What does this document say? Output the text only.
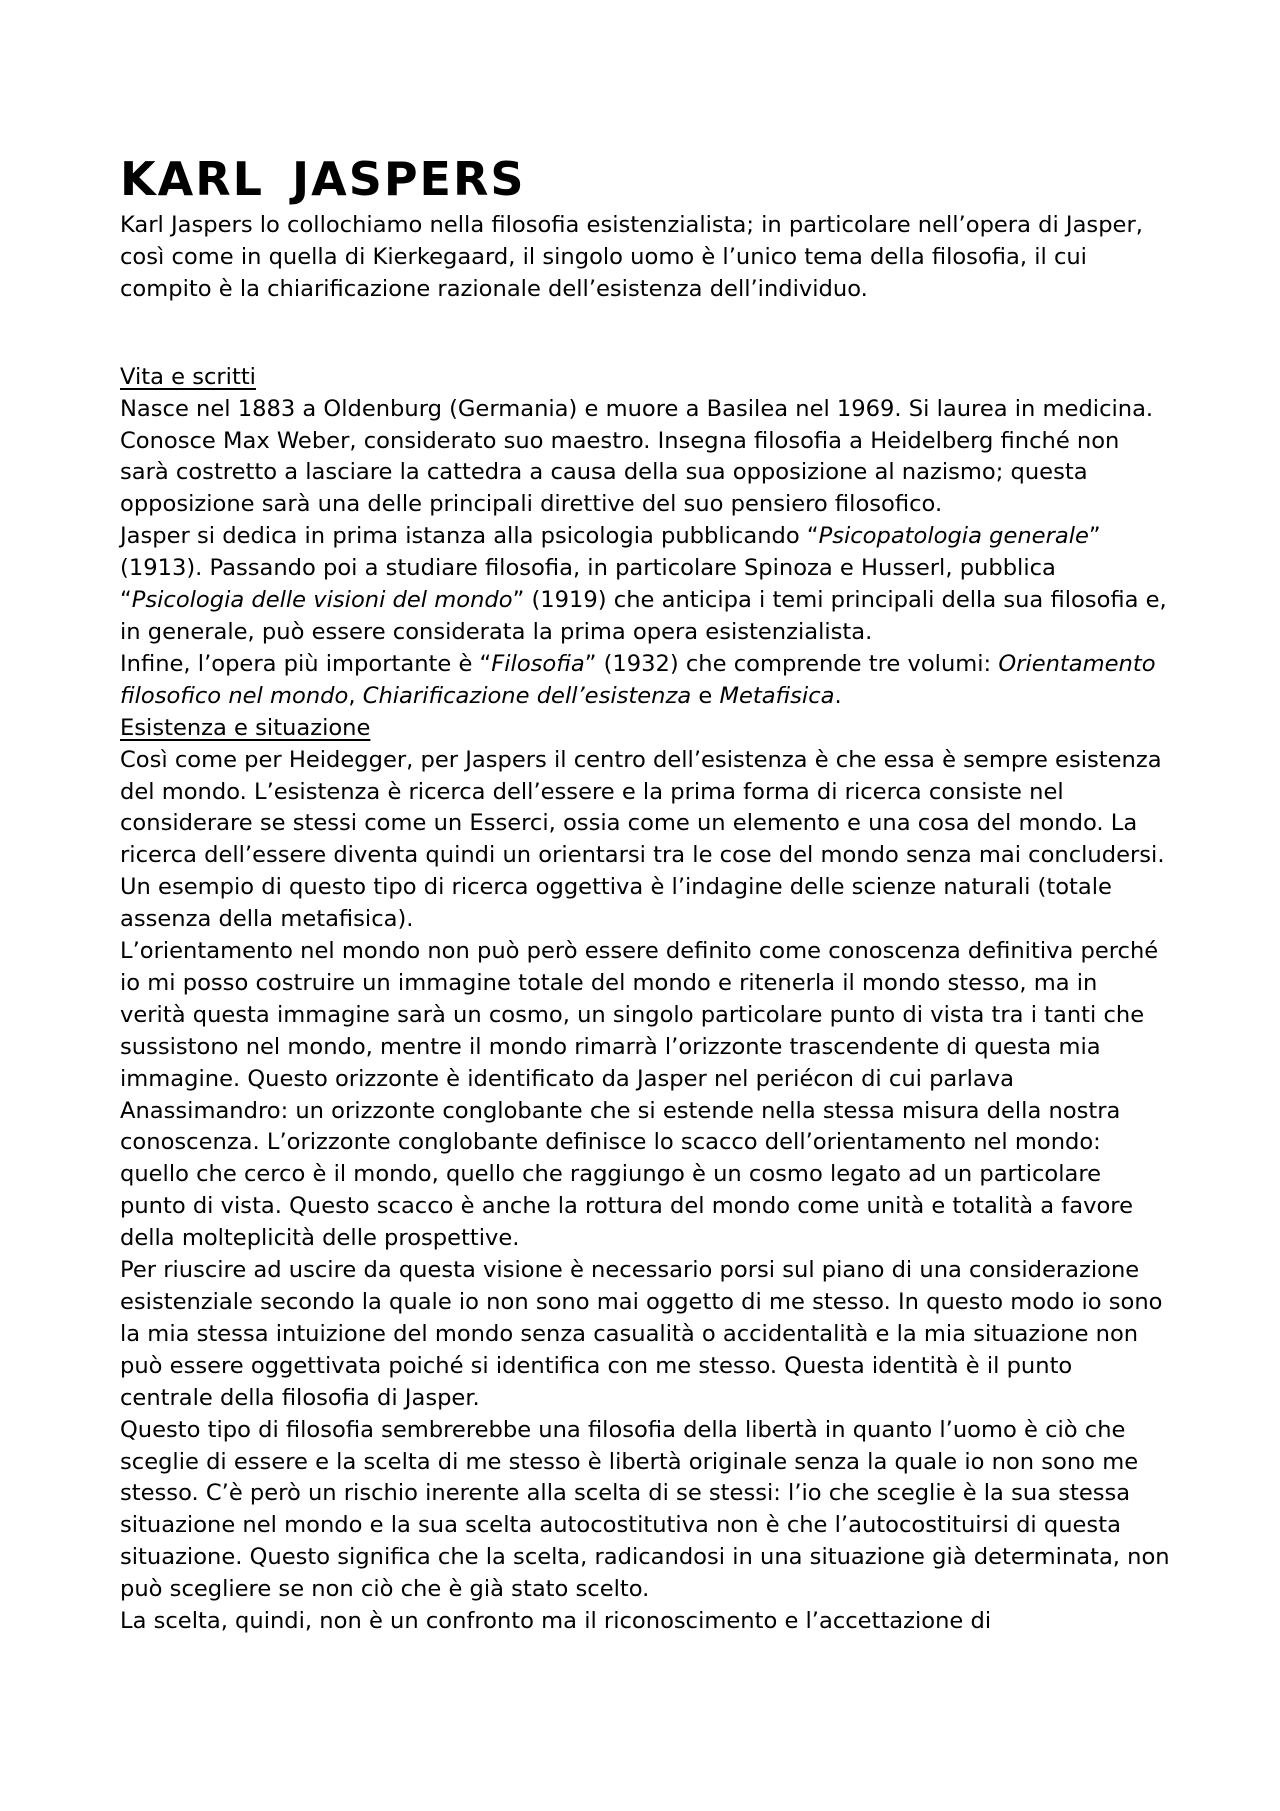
KARL JASPERS

Karl Jaspers lo collochiamo nella filosofia esistenzialista; in particolare nell’opera di Jasper, così come in quella di Kierkegaard, il singolo uomo è l’unico tema della filosofia, il cui compito è la chiarificazione razionale dell’esistenza dell’individuo.

Vita e scritti

Nasce nel 1883 a Oldenburg (Germania) e muore a Basilea nel 1969. Si laurea in medicina. Conosce Max Weber, considerato suo maestro. Insegna filosofia a Heidelberg finché non sarà costretto a lasciare la cattedra a causa della sua opposizione al nazismo; questa opposizione sarà una delle principali direttive del suo pensiero filosofico.

Jasper si dedica in prima istanza alla psicologia pubblicando “Psicopatologia generale” (1913). Passando poi a studiare filosofia, in particolare Spinoza e Husserl, pubblica “Psicologia delle visioni del mondo” (1919) che anticipa i temi principali della sua filosofia e, in generale, può essere considerata la prima opera esistenzialista.

Infine, l’opera più importante è “Filosofia” (1932) che comprende tre volumi: Orientamento filosofico nel mondo, Chiarificazione dell’esistenza e Metafisica.

Esistenza e situazione

Così come per Heidegger, per Jaspers il centro dell’esistenza è che essa è sempre esistenza del mondo. L’esistenza è ricerca dell’essere e la prima forma di ricerca consiste nel considerare se stessi come un Esserci, ossia come un elemento e una cosa del mondo. La ricerca dell’essere diventa quindi un orientarsi tra le cose del mondo senza mai concludersi. Un esempio di questo tipo di ricerca oggettiva è l’indagine delle scienze naturali (totale assenza della metafisica).

L’orientamento nel mondo non può però essere definito come conoscenza definitiva perché io mi posso costruire un immagine totale del mondo e ritenerla il mondo stesso, ma in verità questa immagine sarà un cosmo, un singolo particolare punto di vista tra i tanti che sussistono nel mondo, mentre il mondo rimarrà l’orizzonte trascendente di questa mia immagine. Questo orizzonte è identificato da Jasper nel periécon di cui parlava Anassimandro: un orizzonte conglobante che si estende nella stessa misura della nostra conoscenza. L’orizzonte conglobante definisce lo scacco dell’orientamento nel mondo: quello che cerco è il mondo, quello che raggiungo è un cosmo legato ad un particolare punto di vista. Questo scacco è anche la rottura del mondo come unità e totalità a favore della molteplicità delle prospettive.

Per riuscire ad uscire da questa visione è necessario porsi sul piano di una considerazione esistenziale secondo la quale io non sono mai oggetto di me stesso. In questo modo io sono la mia stessa intuizione del mondo senza casualità o accidentalità e la mia situazione non può essere oggettivata poiché si identifica con me stesso. Questa identità è il punto centrale della filosofia di Jasper.

Questo tipo di filosofia sembrerebbe una filosofia della libertà in quanto l’uomo è ciò che sceglie di essere e la scelta di me stesso è libertà originale senza la quale io non sono me stesso. C’è però un rischio inerente alla scelta di se stessi: l’io che sceglie è la sua stessa situazione nel mondo e la sua scelta autocostitutiva non è che l’autocostituirsi di questa situazione. Questo significa che la scelta, radicandosi in una situazione già determinata, non può scegliere se non ciò che è già stato scelto.

La scelta, quindi, non è un confronto ma il riconoscimento e l’accettazione di
